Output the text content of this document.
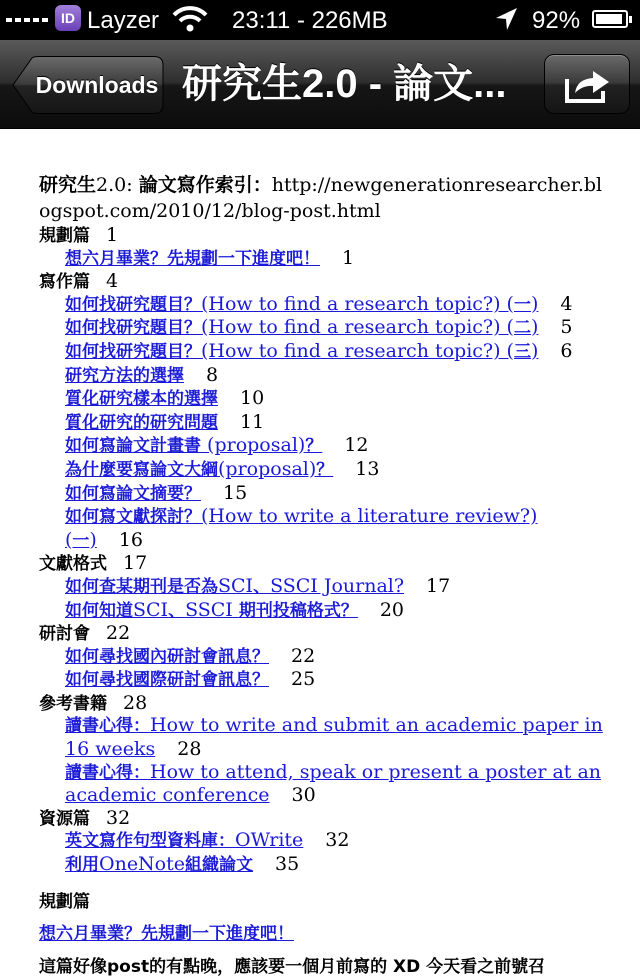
ID Layzer	23:11 - 226MB	92%
Downloads 研究生2.0 - 論文...
研究生2.0: 論文寫作索引：http://newgenerationresearcher.blogspot.com/2010/12/blog-post.html
規劃篇 1
想六月畢業？先規劃一下進度吧！ 1
寫作篇 4
如何找研究題目？(How to find a research topic?) (一) 4
如何找研究題目？(How to find a research topic?) (二) 5
如何找研究題目？(How to find a research topic?) (三) 6
研究方法的選擇 8
質化研究樣本的選擇 10
質化研究的研究問題 11
如何寫論文計畫書 (proposal)？ 12
為什麼要寫論文大綱(proposal)？ 13
如何寫論文摘要？ 15
如何寫文獻探討？(How to write a literature review?) (一) 16
文獻格式 17
如何查某期刊是否為SCI、SSCI Journal? 17
如何知道SCI、SSCI 期刊投稿格式？ 20
研討會 22
如何尋找國內研討會訊息？ 22
如何尋找國際研討會訊息？ 25
參考書籍 28
讀書心得：How to write and submit an academic paper in 16 weeks 28
讀書心得：How to attend, speak or present a poster at an academic conference 30
資源篇 32
英文寫作句型資料庫：OWrite 32
利用OneNote組織論文 35
規劃篇
想六月畢業？先規劃一下進度吧！
這篇好像post的有點晚，應該要一個月前寫的 XD 今天看之前號召
